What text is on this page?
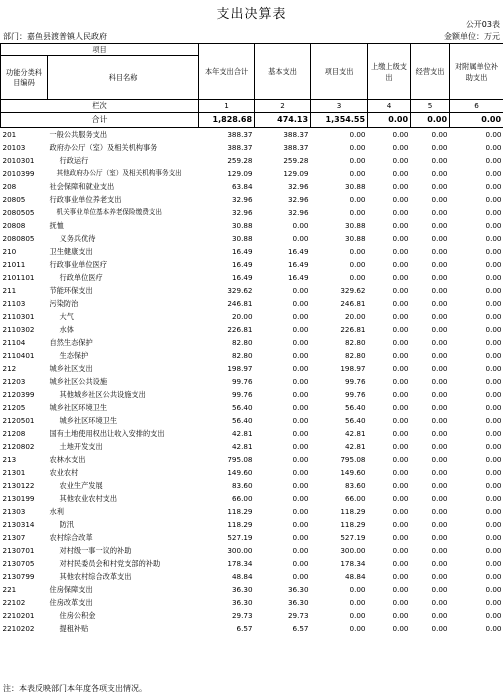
支出决算表
公开03表
部门：嘉鱼县渡普镇人民政府	金额单位：万元
项目		本年支出合计	基本支出	项目支出	上缴上级支出	经营支出	对附属单位补助支出
功能分类科目编码	科目名称						
栏次		1	2	3	4	5	6
合计		1,828.68	474.13	1,354.55	0.00	0.00	0.00
201	一般公共服务支出	388.37	388.37	0.00	0.00	0.00	0.00
20103	政府办公厅（室）及相关机构事务	388.37	388.37	0.00	0.00	0.00	0.00
2010301	行政运行	259.28	259.28	0.00	0.00	0.00	0.00
2010399	其他政府办公厅（室）及相关机构事务支出	129.09	129.09	0.00	0.00	0.00	0.00
208	社会保障和就业支出	63.84	32.96	30.88	0.00	0.00	0.00
20805	行政事业单位养老支出	32.96	32.96	0.00	0.00	0.00	0.00
2080505	机关事业单位基本养老保险缴费支出	32.96	32.96	0.00	0.00	0.00	0.00
20808	抚恤	30.88	0.00	30.88	0.00	0.00	0.00
2080805	义务兵优待	30.88	0.00	30.88	0.00	0.00	0.00
210	卫生健康支出	16.49	16.49	0.00	0.00	0.00	0.00
21011	行政事业单位医疗	16.49	16.49	0.00	0.00	0.00	0.00
2101101	行政单位医疗	16.49	16.49	0.00	0.00	0.00	0.00
211	节能环保支出	329.62	0.00	329.62	0.00	0.00	0.00
21103	污染防治	246.81	0.00	246.81	0.00	0.00	0.00
2110301	大气	20.00	0.00	20.00	0.00	0.00	0.00
2110302	水体	226.81	0.00	226.81	0.00	0.00	0.00
21104	自然生态保护	82.80	0.00	82.80	0.00	0.00	0.00
2110401	生态保护	82.80	0.00	82.80	0.00	0.00	0.00
212	城乡社区支出	198.97	0.00	198.97	0.00	0.00	0.00
21203	城乡社区公共设施	99.76	0.00	99.76	0.00	0.00	0.00
2120399	其他城乡社区公共设施支出	99.76	0.00	99.76	0.00	0.00	0.00
21205	城乡社区环境卫生	56.40	0.00	56.40	0.00	0.00	0.00
2120501	城乡社区环境卫生	56.40	0.00	56.40	0.00	0.00	0.00
21208	国有土地使用权出让收入安排的支出	42.81	0.00	42.81	0.00	0.00	0.00
2120802	土地开发支出	42.81	0.00	42.81	0.00	0.00	0.00
213	农林水支出	795.08	0.00	795.08	0.00	0.00	0.00
21301	农业农村	149.60	0.00	149.60	0.00	0.00	0.00
2130122	农业生产发展	83.60	0.00	83.60	0.00	0.00	0.00
2130199	其他农业农村支出	66.00	0.00	66.00	0.00	0.00	0.00
21303	水利	118.29	0.00	118.29	0.00	0.00	0.00
2130314	防汛	118.29	0.00	118.29	0.00	0.00	0.00
21307	农村综合改革	527.19	0.00	527.19	0.00	0.00	0.00
2130701	对村级一事一议的补助	300.00	0.00	300.00	0.00	0.00	0.00
2130705	对村民委员会和村党支部的补助	178.34	0.00	178.34	0.00	0.00	0.00
2130799	其他农村综合改革支出	48.84	0.00	48.84	0.00	0.00	0.00
221	住房保障支出	36.30	36.30	0.00	0.00	0.00	0.00
22102	住房改革支出	36.30	36.30	0.00	0.00	0.00	0.00
2210201	住房公积金	29.73	29.73	0.00	0.00	0.00	0.00
2210202	提租补贴	6.57	6.57	0.00	0.00	0.00	0.00
注：本表反映部门本年度各项支出情况。
